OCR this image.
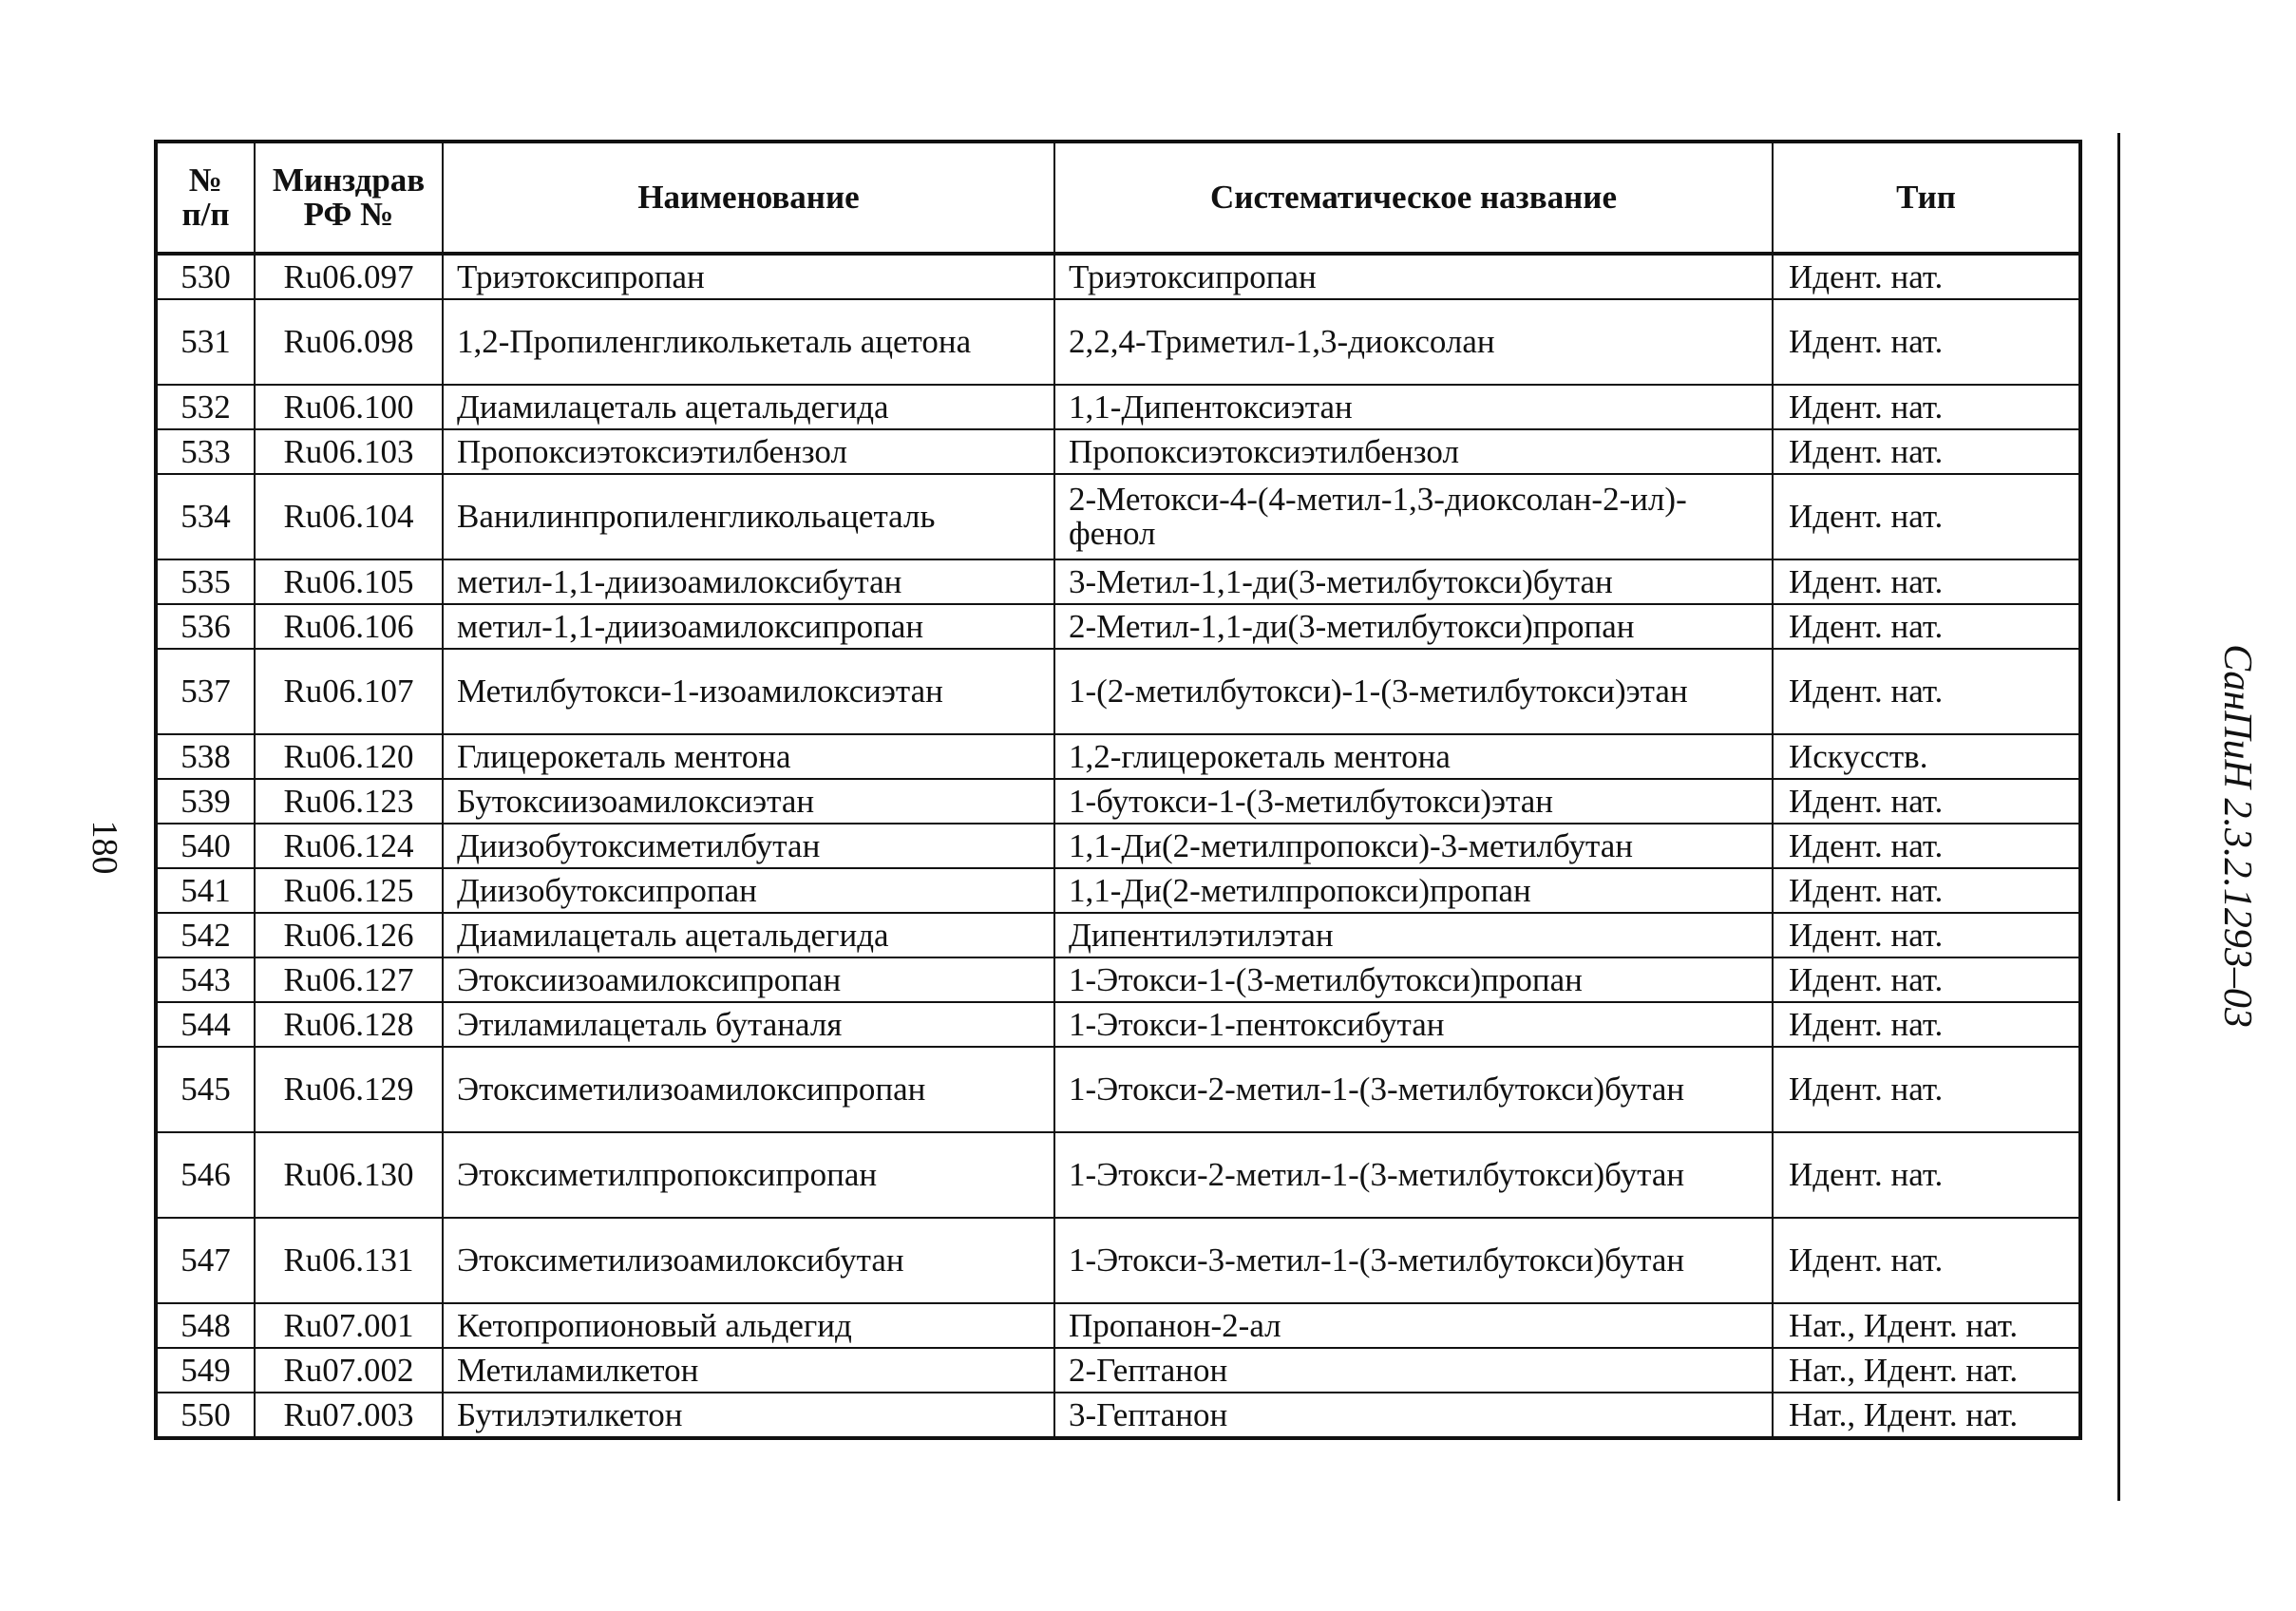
180
№ п/п	Минздрав РФ №	Наименование	Систематическое название	Тип
530	Ru06.097	Триэтоксипропан	Триэтоксипропан	Идент. нат.
531	Ru06.098	1,2-Пропиленгликолькеталь ацетона	2,2,4-Триметил-1,3-диоксолан	Идент. нат.
532	Ru06.100	Диамилацеталь ацетальдегида	1,1-Дипентоксиэтан	Идент. нат.
533	Ru06.103	Пропоксиэтоксиэтилбензол	Пропоксиэтоксиэтилбензол	Идент. нат.
534	Ru06.104	Ванилинпропиленгликольацеталь	2-Метокси-4-(4-метил-1,3-диоксолан-2-ил)-фенол	Идент. нат.
535	Ru06.105	метил-1,1-диизоамилоксибутан	3-Метил-1,1-ди(3-метилбутокси)бутан	Идент. нат.
536	Ru06.106	метил-1,1-диизоамилоксипропан	2-Метил-1,1-ди(3-метилбутокси)пропан	Идент. нат.
537	Ru06.107	Метилбутокси-1-изоамилоксиэтан	1-(2-метилбутокси)-1-(3-метилбутокси)этан	Идент. нат.
538	Ru06.120	Глицерокеталь ментона	1,2-глицерокеталь ментона	Искусств.
539	Ru06.123	Бутоксиизоамилоксиэтан	1-бутокси-1-(3-метилбутокси)этан	Идент. нат.
540	Ru06.124	Диизобутоксиметилбутан	1,1-Ди(2-метилпропокси)-3-метилбутан	Идент. нат.
541	Ru06.125	Диизобутоксипропан	1,1-Ди(2-метилпропокси)пропан	Идент. нат.
542	Ru06.126	Диамилацеталь ацетальдегида	Дипентилэтилэтан	Идент. нат.
543	Ru06.127	Этоксиизоамилоксипропан	1-Этокси-1-(3-метилбутокси)пропан	Идент. нат.
544	Ru06.128	Этиламилацеталь бутаналя	1-Этокси-1-пентоксибутан	Идент. нат.
545	Ru06.129	Этоксиметилизоамилоксипропан	1-Этокси-2-метил-1-(3-метилбутокси)бутан	Идент. нат.
546	Ru06.130	Этоксиметилпропоксипропан	1-Этокси-2-метил-1-(3-метилбутокси)бутан	Идент. нат.
547	Ru06.131	Этоксиметилизоамилоксибутан	1-Этокси-3-метил-1-(3-метилбутокси)бутан	Идент. нат.
548	Ru07.001	Кетопропионовый альдегид	Пропанон-2-ал	Нат., Идент. нат.
549	Ru07.002	Метиламилкетон	2-Гептанон	Нат., Идент. нат.
550	Ru07.003	Бутилэтилкетон	3-Гептанон	Нат., Идент. нат.
СанПиН 2.3.2.1293–03
